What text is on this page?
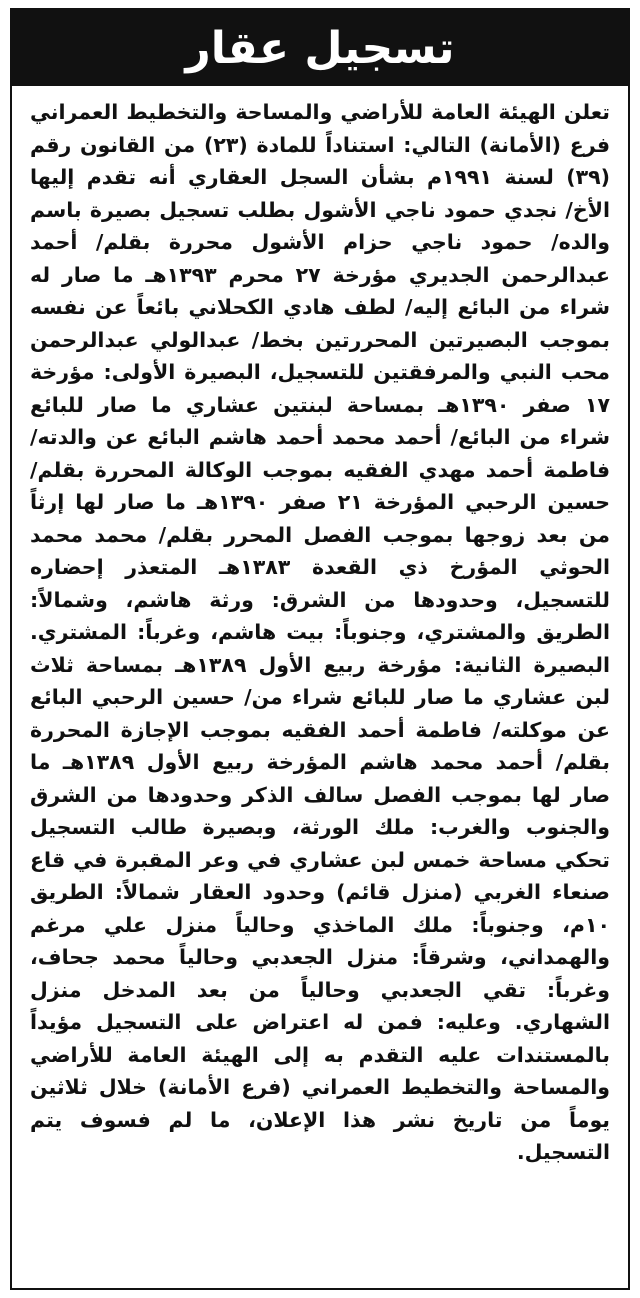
تسجيل عقار

تعلن الهيئة العامة للأراضي والمساحة والتخطيط العمراني فرع (الأمانة) التالي: استناداً للمادة (٢٣) من القانون رقم (٣٩) لسنة ١٩٩١م بشأن السجل العقاري أنه تقدم إليها الأخ/ نجدي حمود ناجي الأشول بطلب تسجيل بصيرة باسم والده/ حمود ناجي حزام الأشول محررة بقلم/ أحمد عبدالرحمن الجديري مؤرخة ٢٧ محرم ١٣٩٣هـ ما صار له شراء من البائع إليه/ لطف هادي الكحلاني بائعاً عن نفسه بموجب البصيرتين المحررتين بخط/ عبدالولي عبدالرحمن محب النبي والمرفقتين للتسجيل، البصيرة الأولى: مؤرخة ١٧ صفر ١٣٩٠هـ بمساحة لبنتين عشاري ما صار للبائع شراء من البائع/ أحمد محمد أحمد هاشم البائع عن والدته/ فاطمة أحمد مهدي الفقيه بموجب الوكالة المحررة بقلم/ حسين الرحبي المؤرخة ٢١ صفر ١٣٩٠هـ ما صار لها إرثاً من بعد زوجها بموجب الفصل المحرر بقلم/ محمد محمد الحوثي المؤرخ ذي القعدة ١٣٨٣هـ المتعذر إحضاره للتسجيل، وحدودها من الشرق: ورثة هاشم، وشمالاً: الطريق والمشتري، وجنوباً: بيت هاشم، وغرباً: المشتري. البصيرة الثانية: مؤرخة ربيع الأول ١٣٨٩هـ بمساحة ثلاث لبن عشاري ما صار للبائع شراء من/ حسين الرحبي البائع عن موكلته/ فاطمة أحمد الفقيه بموجب الإجازة المحررة بقلم/ أحمد محمد هاشم المؤرخة ربيع الأول ١٣٨٩هـ ما صار لها بموجب الفصل سالف الذكر وحدودها من الشرق والجنوب والغرب: ملك الورثة، وبصيرة طالب التسجيل تحكي مساحة خمس لبن عشاري في وعر المقبرة في قاع صنعاء الغربي (منزل قائم) وحدود العقار شمالاً: الطريق ١٠م، وجنوباً: ملك الماخذي وحالياً منزل علي مرغم والهمداني، وشرقاً: منزل الجعدبي وحالياً محمد جحاف، وغرباً: تقي الجعدبي وحالياً من بعد المدخل منزل الشهاري. وعليه: فمن له اعتراض على التسجيل مؤيداً بالمستندات عليه التقدم به إلى الهيئة العامة للأراضي والمساحة والتخطيط العمراني (فرع الأمانة) خلال ثلاثين يوماً من تاريخ نشر هذا الإعلان، ما لم فسوف يتم التسجيل.
